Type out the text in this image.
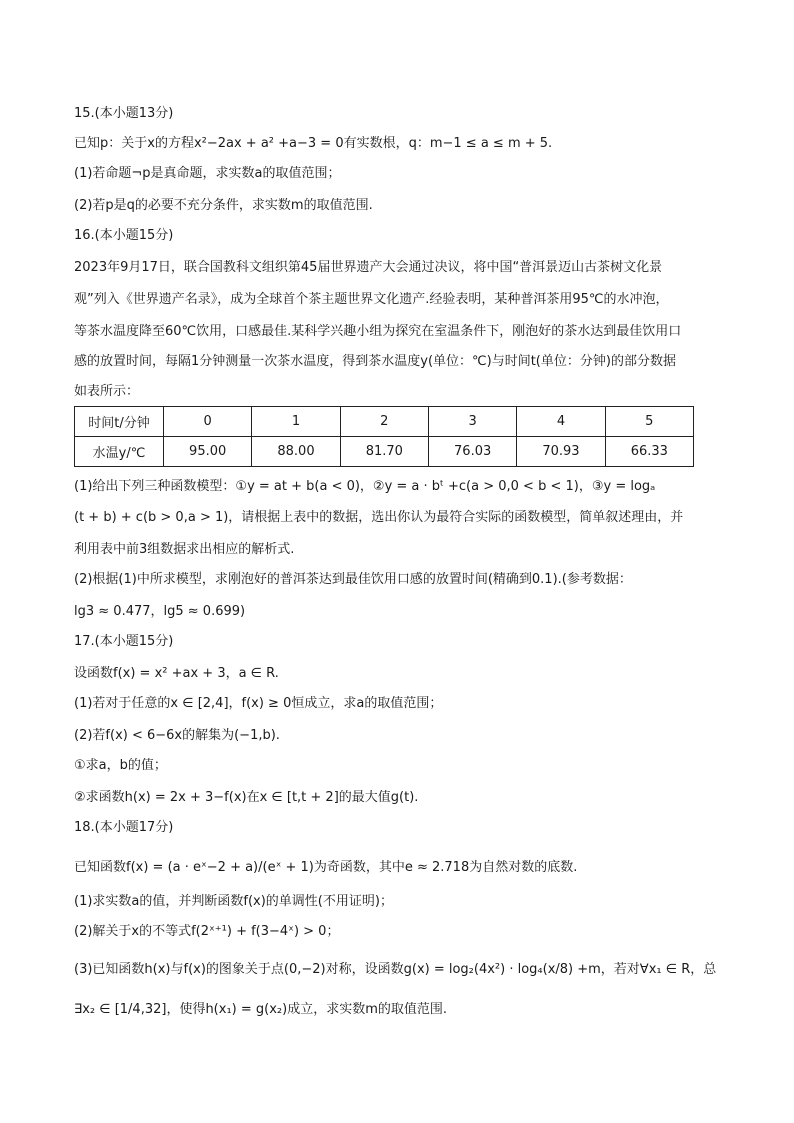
15.(本小题13分)
已知p：关于x的方程x²−2ax + a² +a−3 = 0有实数根，q：m−1 ≤ a ≤ m + 5.
(1)若命题¬p是真命题，求实数a的取值范围；
(2)若p是q的必要不充分条件，求实数m的取值范围.
16.(本小题15分)
2023年9月17日，联合国教科文组织第45届世界遗产大会通过决议，将中国“普洱景迈山古茶树文化景
观”列入《世界遗产名录》，成为全球首个茶主题世界文化遗产.经验表明，某种普洱茶用95℃的水冲泡，
等茶水温度降至60℃饮用，口感最佳.某科学兴趣小组为探究在室温条件下，刚泡好的茶水达到最佳饮用口
感的放置时间，每隔1分钟测量一次茶水温度，得到茶水温度y(单位：℃)与时间t(单位：分钟)的部分数据
如表所示：
时间t/分钟	0	1	2	3	4	5
水温y/℃	95.00	88.00	81.70	76.03	70.93	66.33
(1)给出下列三种函数模型：①y = at + b(a < 0)，②y = a · bᵗ +c(a > 0,0 < b < 1)，③y = logₐ
(t + b) + c(b > 0,a > 1)，请根据上表中的数据，选出你认为最符合实际的函数模型，简单叙述理由，并
利用表中前3组数据求出相应的解析式.
(2)根据(1)中所求模型，求刚泡好的普洱茶达到最佳饮用口感的放置时间(精确到0.1).(参考数据：
lg3 ≈ 0.477，lg5 ≈ 0.699)
17.(本小题15分)
设函数f(x) = x² +ax + 3，a ∈ R.
(1)若对于任意的x ∈ [2,4]，f(x) ≥ 0恒成立，求a的取值范围；
(2)若f(x) < 6−6x的解集为(−1,b).
①求a，b的值；
②求函数h(x) = 2x + 3−f(x)在x ∈ [t,t + 2]的最大值g(t).
18.(本小题17分)
已知函数f(x) = (a · eˣ−2 + a)/(eˣ + 1)为奇函数，其中e ≈ 2.718为自然对数的底数.
(1)求实数a的值，并判断函数f(x)的单调性(不用证明)；
(2)解关于x的不等式f(2ˣ⁺¹) + f(3−4ˣ) > 0；
(3)已知函数h(x)与f(x)的图象关于点(0,−2)对称，设函数g(x) = log₂(4x²) · log₄(x/8) +m，若对∀x₁ ∈ R，总
∃x₂ ∈ [1/4,32]，使得h(x₁) = g(x₂)成立，求实数m的取值范围.
